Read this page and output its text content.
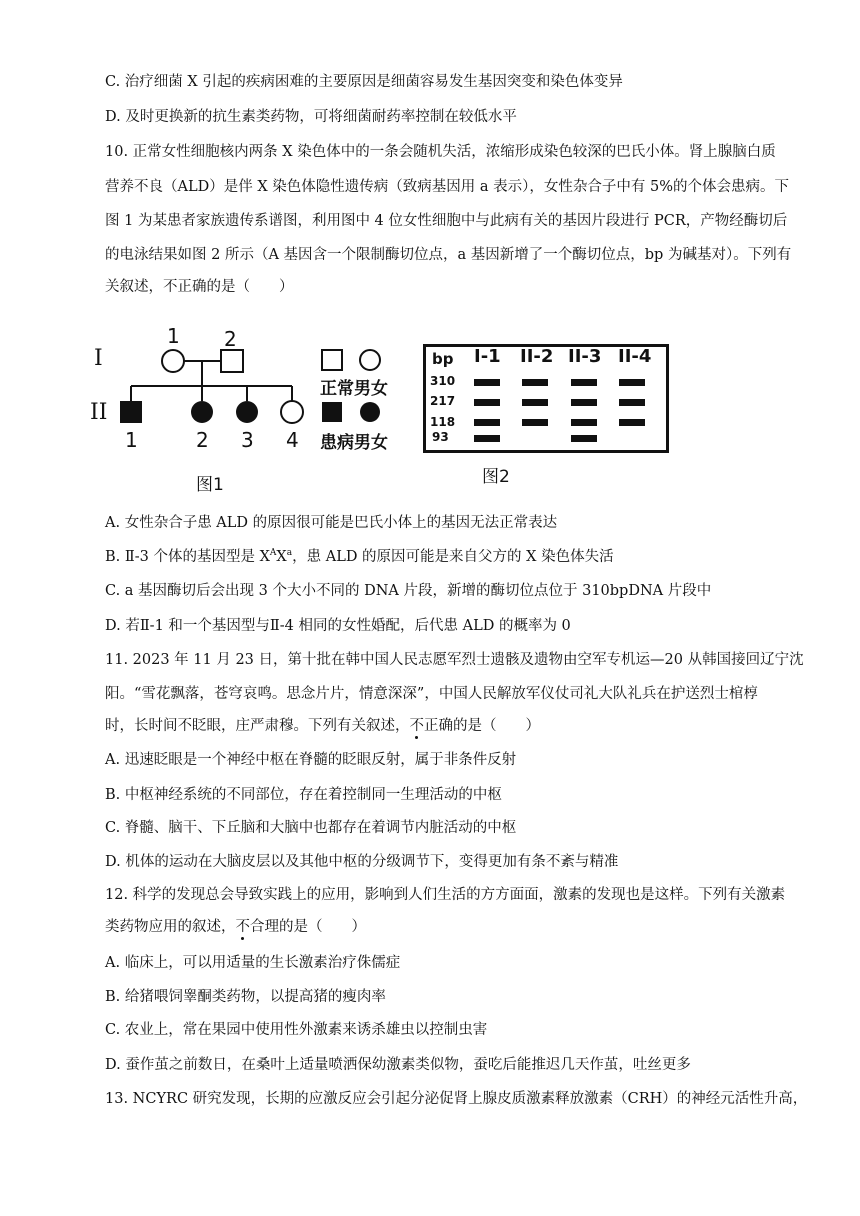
C. 治疗细菌 X 引起的疾病困难的主要原因是细菌容易发生基因突变和染色体变异
D. 及时更换新的抗生素类药物，可将细菌耐药率控制在较低水平
10. 正常女性细胞核内两条 X 染色体中的一条会随机失活，浓缩形成染色较深的巴氏小体。肾上腺脑白质
营养不良（ALD）是伴 X 染色体隐性遗传病（致病基因用 a 表示），女性杂合子中有 5%的个体会患病。下
图 1 为某患者家族遗传系谱图，利用图中 4 位女性细胞中与此病有关的基因片段进行 PCR，产物经酶切后
的电泳结果如图 2 所示（A 基因含一个限制酶切位点，a 基因新增了一个酶切位点，bp 为碱基对）。下列有
关叙述，不正确的是（　　）
I
II
1 2
1	2 3 4
正常男女
患病男女
图1
bp I-1 II-2 II-3 II-4
310
217
118
93
图2
A. 女性杂合子患 ALD 的原因很可能是巴氏小体上的基因无法正常表达
B. Ⅱ-3 个体的基因型是 $X^AX^a$，患 ALD 的原因可能是来自父方的 X 染色体失活
C. a 基因酶切后会出现 3 个大小不同的 DNA 片段，新增的酶切位点位于 310bpDNA 片段中
D. 若Ⅱ-1 和一个基因型与Ⅱ-4 相同的女性婚配，后代患 ALD 的概率为 0
11. 2023 年 11 月 23 日，第十批在韩中国人民志愿军烈士遗骸及遗物由空军专机运—20 从韩国接回辽宁沈
阳。“雪花飘落，苍穹哀鸣。思念片片，情意深深”，中国人民解放军仪仗司礼大队礼兵在护送烈士棺椁
时，长时间不眨眼，庄严肃穆。下列有关叙述，不正确的是（　　）
A. 迅速眨眼是一个神经中枢在脊髓的眨眼反射，属于非条件反射
B. 中枢神经系统的不同部位，存在着控制同一生理活动的中枢
C. 脊髓、脑干、下丘脑和大脑中也都存在着调节内脏活动的中枢
D. 机体的运动在大脑皮层以及其他中枢的分级调节下，变得更加有条不紊与精准
12. 科学的发现总会导致实践上的应用，影响到人们生活的方方面面，激素的发现也是这样。下列有关激素
类药物应用的叙述，不合理的是（　　）
A. 临床上，可以用适量的生长激素治疗侏儒症
B. 给猪喂饲睾酮类药物，以提高猪的瘦肉率
C. 农业上，常在果园中使用性外激素来诱杀雄虫以控制虫害
D. 蚕作茧之前数日，在桑叶上适量喷洒保幼激素类似物，蚕吃后能推迟几天作茧，吐丝更多
13. NCYRC 研究发现，长期的应激反应会引起分泌促肾上腺皮质激素释放激素（CRH）的神经元活性升高，
